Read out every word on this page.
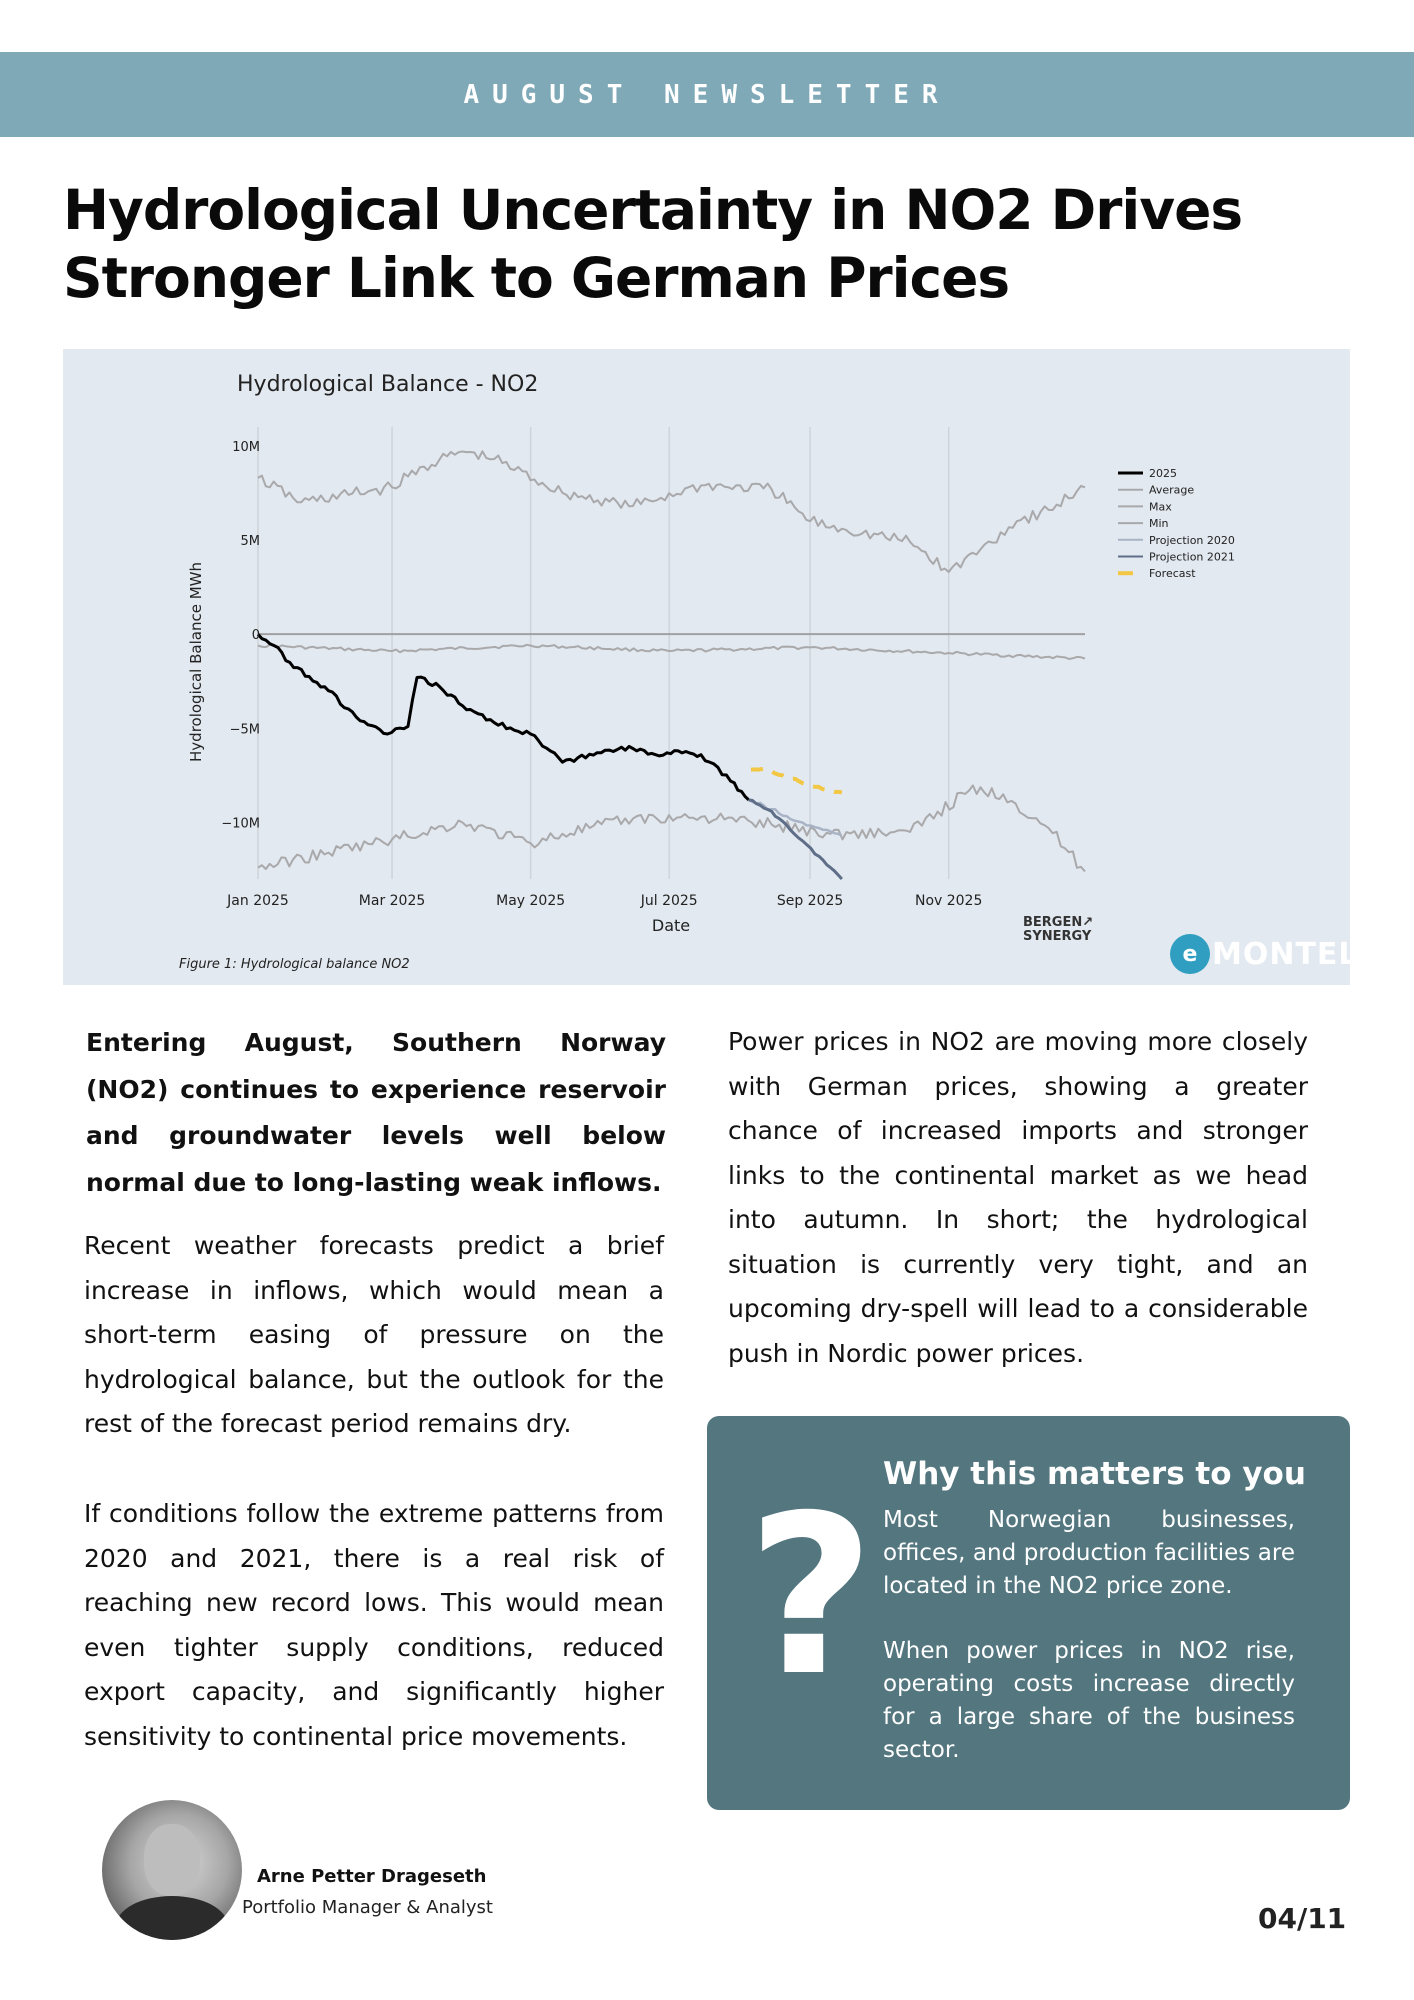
AUGUST NEWSLETTER
Hydrological Uncertainty in NO2 Drives
Stronger Link to German Prices
Jan 2025	Mar 2025	May 2025	Jul 2025	Sep 2025	Nov 2025
10M
5M
0
−5M
−10M
2025
Average
Max
Min
Projection 2020
Projection 2021
Forecast
Hydrological Balance - NO2
Date
Hydrological Balance MWh
Figure 1: Hydrological balance NO2
BERGEN↗
SYNERGY
e MONTEL

Entering August, Southern Norway (NO2) continues to experience reservoir and groundwater levels well below normal due to long-lasting weak inflows.

Recent weather forecasts predict a brief increase in inflows, which would mean a short-term easing of pressure on the hydrological balance, but the outlook for the rest of the forecast period remains dry.

If conditions follow the extreme patterns from 2020 and 2021, there is a real risk of reaching new record lows. This would mean even tighter supply conditions, reduced export capacity, and significantly higher sensitivity to continental price movements.

Power prices in NO2 are moving more closely with German prices, showing a greater chance of increased imports and stronger links to the continental market as we head into autumn. In short; the hydrological situation is currently very tight, and an upcoming dry-spell will lead to a considerable push in Nordic power prices.

? Why this matters to you
Most Norwegian businesses, offices, and production facilities are located in the NO2 price zone.
When power prices in NO2 rise, operating costs increase directly for a large share of the business sector.
Arne Petter Drageseth
Portfolio Manager & Analyst	04/11
